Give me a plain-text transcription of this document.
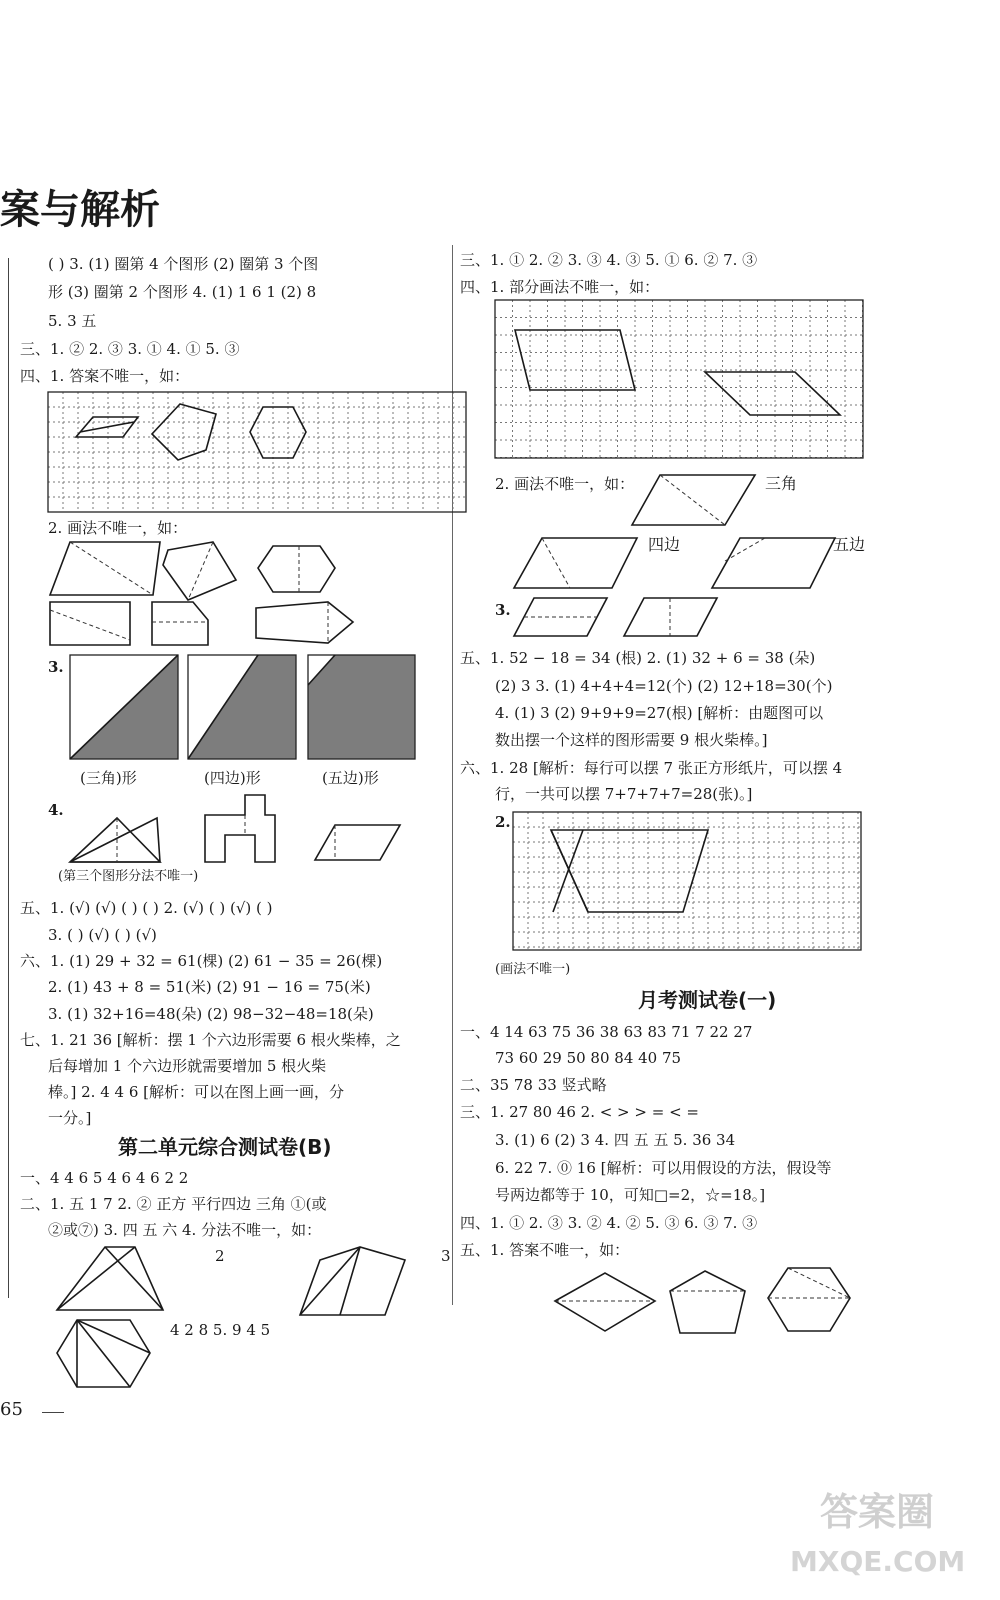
案与解析
( ) 3. (1) 圈第 4 个图形 (2) 圈第 3 个图
形 (3) 圈第 2 个图形 4. (1) 1 6 1 (2) 8
5. 3 五
三、1. ② 2. ③ 3. ① 4. ① 5. ③
四、1. 答案不唯一，如：
2. 画法不唯一，如：
3.
(三角)形	(四边)形	(五边)形
4.
(第三个图形分法不唯一)
五、1. (√) (√) ( ) ( ) 2. (√) ( ) (√) ( )
3. ( ) (√) ( ) (√)
六、1. (1) 29 + 32 = 61(棵) (2) 61 − 35 = 26(棵)
2. (1) 43 + 8 = 51(米) (2) 91 − 16 = 75(米)
3. (1) 32+16=48(朵) (2) 98−32−48=18(朵)
七、1. 21 36 [解析：摆 1 个六边形需要 6 根火柴棒，之
后每增加 1 个六边形就需要增加 5 根火柴
棒。] 2. 4 4 6 [解析：可以在图上画一画，分
一分。]
第二单元综合测试卷(B)
一、4 4 6 5 4 6 4 6 2 2
二、1. 五 1 7 2. ② 正方 平行四边 三角 ①(或
②或⑦) 3. 四 五 六 4. 分法不唯一，如：
2	3
4 2 8 5. 9 4 5
65
三、1. ① 2. ② 3. ③ 4. ③ 5. ① 6. ② 7. ③
四、1. 部分画法不唯一，如：
2. 画法不唯一，如：	三角
四边	五边
3.
五、1. 52 − 18 = 34 (根) 2. (1) 32 + 6 = 38 (朵)
(2) 3 3. (1) 4+4+4=12(个) (2) 12+18=30(个)
4. (1) 3 (2) 9+9+9=27(根) [解析：由题图可以
数出摆一个这样的图形需要 9 根火柴棒。]
六、1. 28 [解析：每行可以摆 7 张正方形纸片，可以摆 4
行，一共可以摆 7+7+7+7=28(张)。]
2.
(画法不唯一)
月考测试卷(一)
一、4 14 63 75 36 38 63 83 71 7 22 27
73 60 29 50 80 84 40 75
二、35 78 33 竖式略
三、1. 27 80 46 2. < > > = < =
3. (1) 6 (2) 3 4. 四 五 五 5. 36 34
6. 22 7. ⓪ 16 [解析：可以用假设的方法，假设等
号两边都等于 10，可知□=2，☆=18。]
四、1. ① 2. ③ 3. ② 4. ② 5. ③ 6. ③ 7. ③
五、1. 答案不唯一，如：
答案圈
MXQE.COM
